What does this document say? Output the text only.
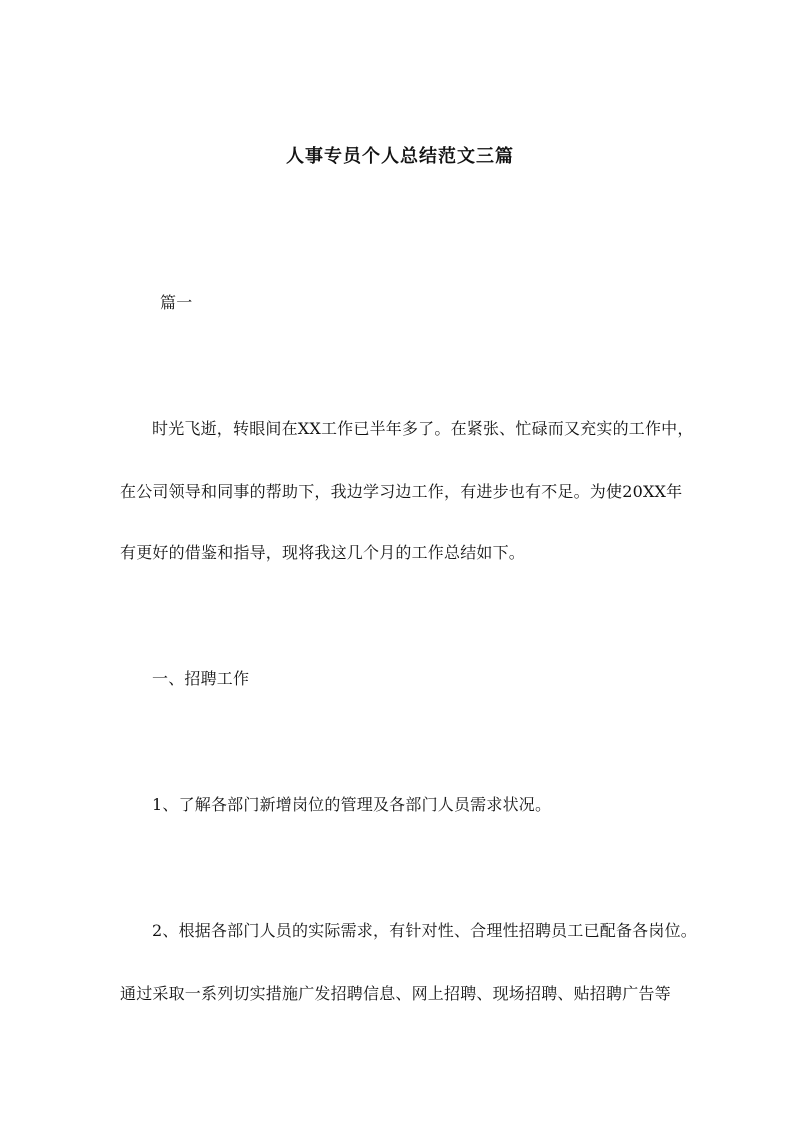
人事专员个人总结范文三篇
篇一
时光飞逝，转眼间在XX工作已半年多了。在紧张、忙碌而又充实的工作中，
在公司领导和同事的帮助下，我边学习边工作，有进步也有不足。为使20XX年
有更好的借鉴和指导，现将我这几个月的工作总结如下。
一、招聘工作
1、了解各部门新增岗位的管理及各部门人员需求状况。
2、根据各部门人员的实际需求，有针对性、合理性招聘员工已配备各岗位。
通过采取一系列切实措施广发招聘信息、网上招聘、现场招聘、贴招聘广告等
